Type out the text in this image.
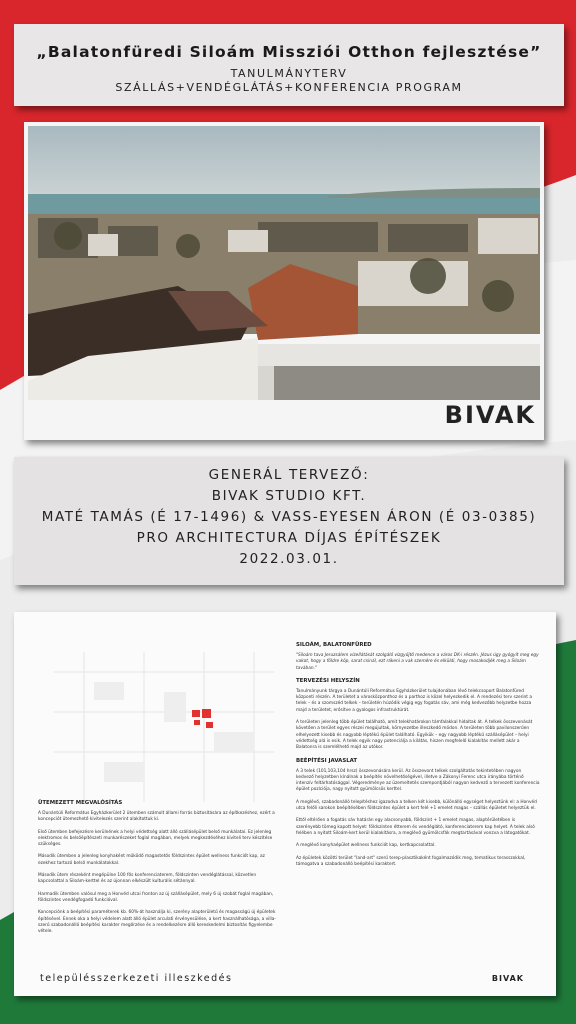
„Balatonfüredi Siloám Missziói Otthon fejlesztése”
TANULMÁNYTERV
SZÁLLÁS+VENDÉGLÁTÁS+KONFERENCIA PROGRAM
BIVAK
GENERÁL TERVEZŐ:
BIVAK STUDIO KFT.
MATÉ TAMÁS (É 17-1496) & VASS-EYESEN ÁRON (É 03-0385)
PRO ARCHITECTURA DÍJAS ÉPÍTÉSZEK
2022.03.01.
ÜTEMEZETT MEGVALÓSÍTÁS
A Dunántúli Református Egyházkerület 2 ütemben számolt állami forrás biztosítására az építkezéshez, ezért a koncepciót ütemezhető kivitelezés szerint alakítottuk ki.
Első ütemben befejezésre kerülnének a helyi védettség alatt álló szállásépület belső munkálatai. Ez jelenleg elektromos és belsőépítészeti munkarészeket foglal magában, melyek megkezdéséhez kiviteli terv készítése szükséges.
Második ütemben a jelenleg konyhaként működő magastetős földszintes épület wellness funkciót kap, az ezekhez tartozó belső munkálatokkal.
Második ütem részeként megépülne 100 fős konferenciaterem, földszinten vendéglátással, közvetlen kapcsolattal a Siloám-kerttel és az újonnan elkészült kulturális sétánnyal.
Harmadik ütemben valósul meg a Honvéd utcai fronton az új szállásépület, mely 6 új szobát foglal magában, földszintes vendégfogadó funkcióval.
Koncepciónk a beépítési paraméterek kb. 60%-át használja ki, szerény alapterületű és magasságú új épületek építésével. Ennek oka a helyi védelem alatt álló épület arculati érvényesülése, a kert használhatósága, a villa-szerű szabadonálló beépítési karakter megőrzése és a rendelkezésre álló kereskedelmi biztosítás figyelembe vétele.
SILOÁM, BALATONFÜRED
"Siloám tava Jeruzsálem vízellátását szolgáló vízgyűjtő medence a város DK-i részén. Jézus úgy gyógyít meg egy vakot, hogy a földre köp, sarat csinál, ezt rákeni a vak szemére és elküldi, hogy mosakodjék meg a Siloám tavában."
TERVEZÉSI HELYSZÍN
Tanulmányunk tárgya a Dunántúli Református Egyházkerület tulajdonában lévő telekcsoport Balatonfüred központi részén. A területet a városközponthoz és a parthoz is közel helyezkedik el. A rendezési terv szerint a telek – és a szomszéd telkek – területén húzódik végig egy fogatás sáv, ami még kedvezőbb helyzetbe hozza majd a területet, erősítve a gyalogos infrastruktúrát.
A területen jelenleg több épület található, amit telekhatárokon támfalakkal hidaltak át. A telkek összevonását követően a terület egyes részei megújultak, környezetbe illeszkedő módon. A területen több pavilonszerűen elhelyezett kisebb és nagyobb léptékű épület található. Egyikük – egy nagyobb léptékű szállásépület – helyi védettség alá is esik. A telek egyik nagy potenciálja a kilátás, hiszen megfelelő kialakítás mellett akár a Balatonra is szemlélhető majd az utókor.
BEÉPÍTÉSI JAVASLAT
A 3 telek (101,103,104 hrsz) összevonására kerül. Az összevont telkek szolgáltatás tekintetében nagyon kedvező helyzetben kínálnak a beépítés növelhetőségével, illetve a Zákonyi Ferenc utca irányába történő intenzív feltárhatósággal. Végeredménye az üzemeltetés szempontjából nagyon kedvező a tervezett konferencia épület pozíciója, nagy nyitott gyümölcsös kerttel.
A meglévő, szabadonálló telepítéshez igazodva a telken két kisebb, különálló egységet helyeztünk el: a Honvéd utca felőli sarokon beépítésében földszintes épület a kert felé +1 emelet magas – szállás épületet helyeztük el.
Ettől eltérően a fogatás sáv határán egy alacsonyabb, földszint + 1 emelet magas, alaptérületében is szerényebb tömeg kapott helyet: földszinten étterem és vendéglátó, konferenciaterem kap helyet. A telek alsó felében a nyitott Siloám-kert kerül kialakításra, a meglévő gyümölcsfák megtartásával vonzva a látogatókat.
A meglévő konyhaépület wellness funkciót kap, kertkapcsolattal.
Az épületek közötti terület "land-art" szerű terep-plasztikaként fogalmazódik meg, tematikus terasszokkal, támogatva a szabadonálló beépítési karaktert.
településszerkezeti illeszkedés	BIVAK
